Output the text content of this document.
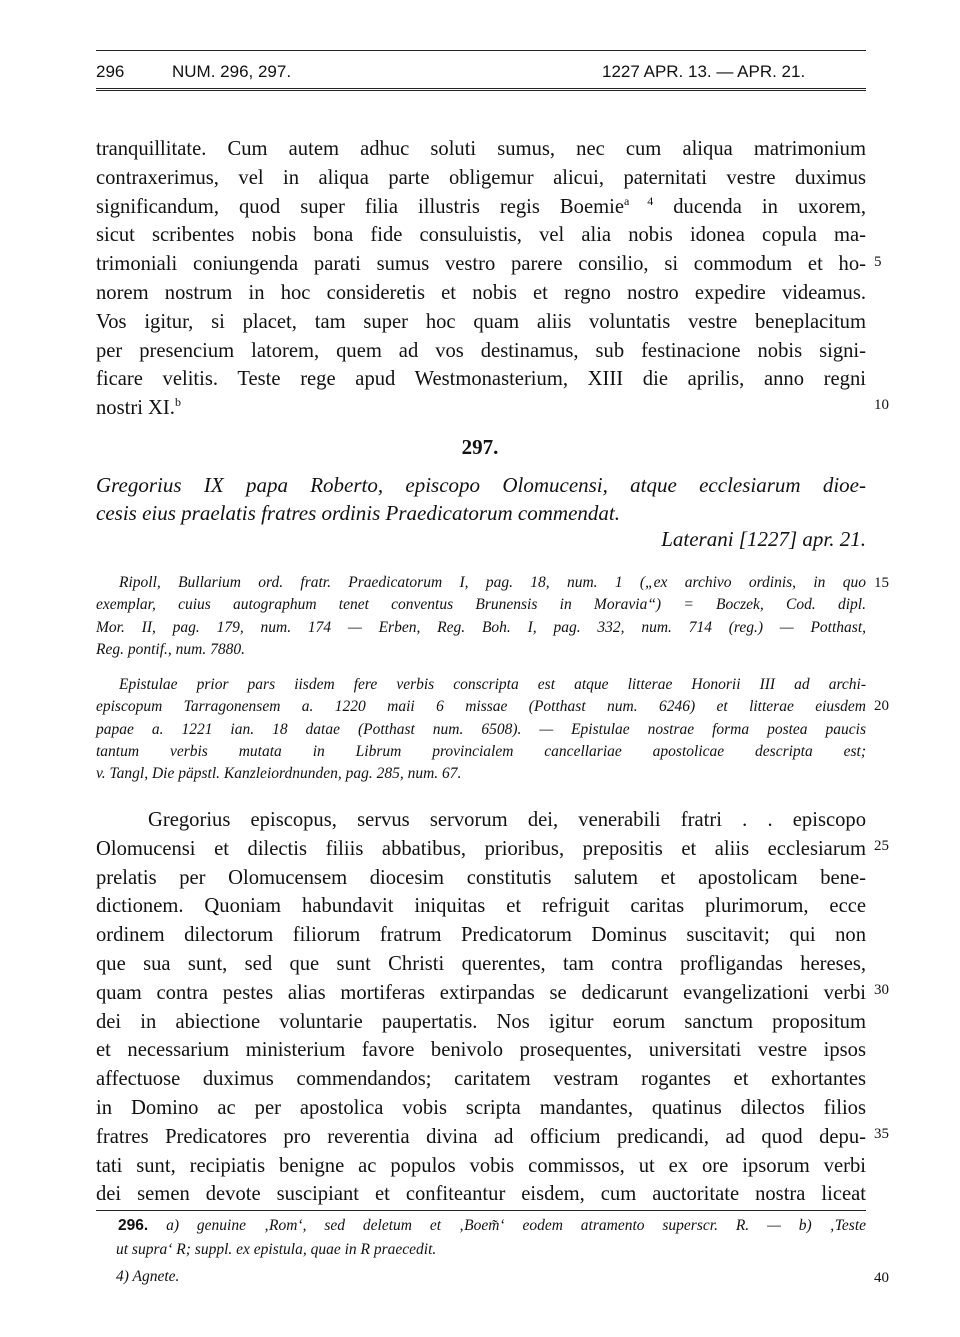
296	NUM. 296, 297.	1227 APR. 13. — APR. 21.
tranquillitate. Cum autem adhuc soluti sumus, nec cum aliqua matrimonium
contraxerimus, vel in aliqua parte obligemur alicui, paternitati vestre duximus
significandum, quod super filia illustris regis Boemie$^{a 4}$ ducenda in uxorem,
sicut scribentes nobis bona fide consuluistis, vel alia nobis idonea copula ma-
trimoniali coniungenda parati sumus vestro parere consilio, si commodum et ho-
norem nostrum in hoc consideretis et nobis et regno nostro expedire videamus.
Vos igitur, si placet, tam super hoc quam aliis voluntatis vestre beneplacitum
per presencium latorem, quem ad vos destinamus, sub festinacione nobis signi-
ficare velitis. Teste rege apud Westmonasterium, XIII die aprilis, anno regni
nostri XI.$^b$
5
10
297.
Gregorius IX papa Roberto, episcopo Olomucensi, atque ecclesiarum dioe-
cesis eius praelatis fratres ordinis Praedicatorum commendat.
Laterani [1227] apr. 21.
Ripoll, Bullarium ord. fratr. Praedicatorum I, pag. 18, num. 1 („ex archivo ordinis, in quo
exemplar, cuius autographum tenet conventus Brunensis in Moravia“) = Boczek, Cod. dipl.
Mor. II, pag. 179, num. 174 — Erben, Reg. Boh. I, pag. 332, num. 714 (reg.) — Potthast,
Reg. pontif., num. 7880.
15
Epistulae prior pars iisdem fere verbis conscripta est atque litterae Honorii III ad archi-
episcopum Tarragonensem a. 1220 maii 6 missae (Potthast num. 6246) et litterae eiusdem
papae a. 1221 ian. 18 datae (Potthast num. 6508). — Epistulae nostrae forma postea paucis
tantum verbis mutata in Librum provincialem cancellariae apostolicae descripta est;
v. Tangl, Die päpstl. Kanzleiordnunden, pag. 285, num. 67.
20
Gregorius episcopus, servus servorum dei, venerabili fratri . . episcopo
Olomucensi et dilectis filiis abbatibus, prioribus, prepositis et aliis ecclesiarum
prelatis per Olomucensem diocesim constitutis salutem et apostolicam bene-
dictionem. Quoniam habundavit iniquitas et refriguit caritas plurimorum, ecce
ordinem dilectorum filiorum fratrum Predicatorum Dominus suscitavit; qui non
que sua sunt, sed que sunt Christi querentes, tam contra profligandas hereses,
quam contra pestes alias mortiferas extirpandas se dedicarunt evangelizationi verbi
dei in abiectione voluntarie paupertatis. Nos igitur eorum sanctum propositum
et necessarium ministerium favore benivolo prosequentes, universitati vestre ipsos
affectuose duximus commendandos; caritatem vestram rogantes et exhortantes
in Domino ac per apostolica vobis scripta mandantes, quatinus dilectos filios
fratres Predicatores pro reverentia divina ad officium predicandi, ad quod depu-
tati sunt, recipiatis benigne ac populos vobis commissos, ut ex ore ipsorum verbi
dei semen devote suscipiant et confiteantur eisdem, cum auctoritate nostra liceat
25
30
35
296. a) genuine ‚Rom‘, sed deletum et ‚Boem̃‘ eodem atramento superscr. R. — b) ‚Teste
ut supra‘ R; suppl. ex epistula, quae in R praecedit.
4) Agnete.	40
